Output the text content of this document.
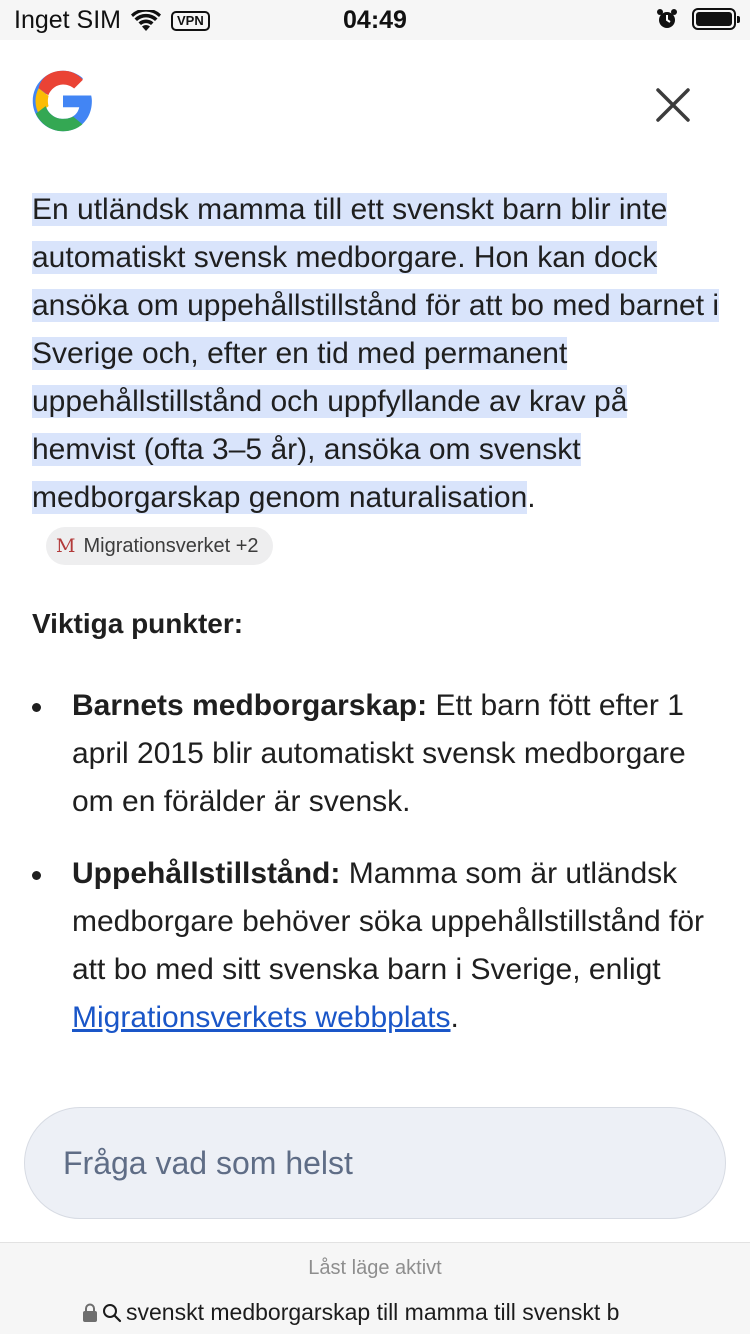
Inget SIM	VPN	04:49
En utländsk mamma till ett svenskt barn blir inte automatiskt svensk medborgare. Hon kan dock ansöka om uppehållstillstånd för att bo med barnet i Sverige och, efter en tid med permanent uppehållstillstånd och uppfyllande av krav på hemvist (ofta 3–5 år), ansöka om svenskt medborgarskap genom naturalisation.
M Migrationsverket +2
Viktiga punkter:
Barnets medborgarskap: Ett barn fött efter 1 april 2015 blir automatiskt svensk medborgare om en förälder är svensk.
Uppehållstillstånd: Mamma som är utländsk medborgare behöver söka uppehållstillstånd för att bo med sitt svenska barn i Sverige, enligt Migrationsverkets webbplats.
Fråga vad som helst
Låst läge aktivt
svenskt medborgarskap till mamma till svenskt b
